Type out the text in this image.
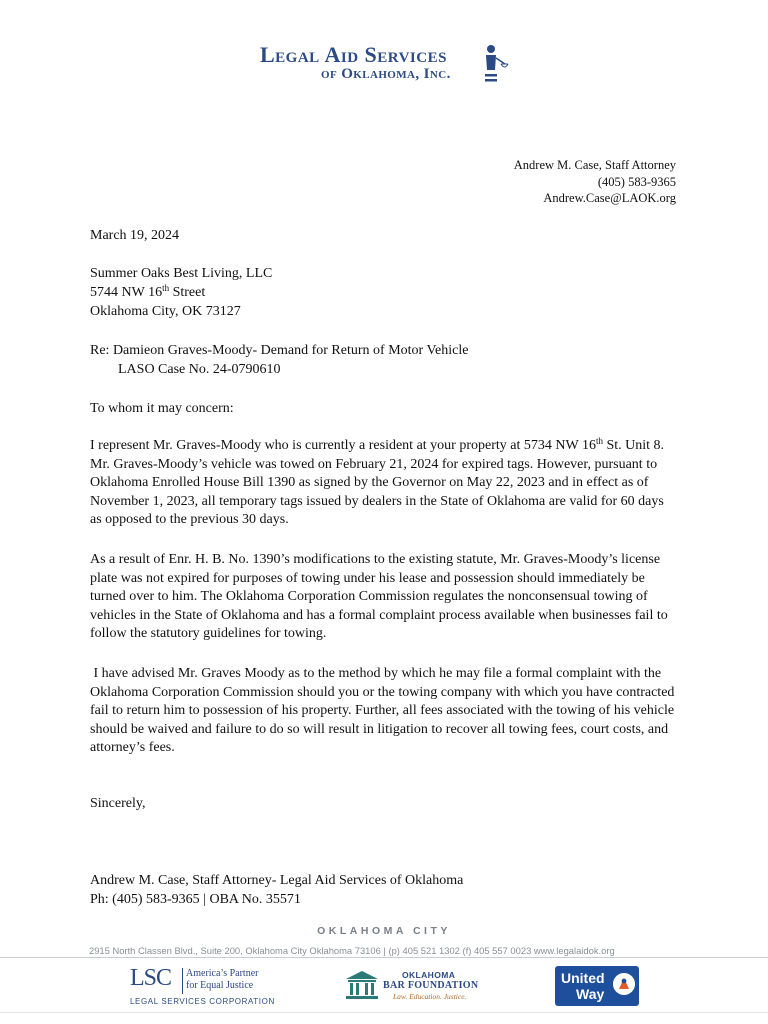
Legal Aid Services
of Oklahoma, Inc.
Andrew M. Case, Staff Attorney
(405) 583-9365
Andrew.Case@LAOK.org
March 19, 2024
Summer Oaks Best Living, LLC
5744 NW 16th Street
Oklahoma City, OK 73127
Re: Damieon Graves-Moody- Demand for Return of Motor Vehicle
LASO Case No. 24-0790610
To whom it may concern:

I represent Mr. Graves-Moody who is currently a resident at your property at 5734 NW 16th St. Unit 8. Mr. Graves-Moody’s vehicle was towed on February 21, 2024 for expired tags. However, pursuant to Oklahoma Enrolled House Bill 1390 as signed by the Governor on May 22, 2023 and in effect as of November 1, 2023, all temporary tags issued by dealers in the State of Oklahoma are valid for 60 days as opposed to the previous 30 days.

As a result of Enr. H. B. No. 1390’s modifications to the existing statute, Mr. Graves-Moody’s license plate was not expired for purposes of towing under his lease and possession should immediately be turned over to him. The Oklahoma Corporation Commission regulates the nonconsensual towing of vehicles in the State of Oklahoma and has a formal complaint process available when businesses fail to follow the statutory guidelines for towing.

I have advised Mr. Graves Moody as to the method by which he may file a formal complaint with the Oklahoma Corporation Commission should you or the towing company with which you have contracted fail to return him to possession of his property. Further, all fees associated with the towing of his vehicle should be waived and failure to do so will result in litigation to recover all towing fees, court costs, and attorney’s fees.

Sincerely,
Andrew M. Case, Staff Attorney- Legal Aid Services of Oklahoma
Ph: (405) 583-9365 | OBA No. 35571
OKLAHOMA CITY
2915 North Classen Blvd., Suite 200, Oklahoma City Oklahoma 73106 | (p) 405 521 1302 (f) 405 557 0023 www.legalaidok.org
LSC America’s Partner
for Equal Justice
LEGAL SERVICES CORPORATION
OKLAHOMA
BAR FOUNDATION
Law. Education. Justice.
United
Way
